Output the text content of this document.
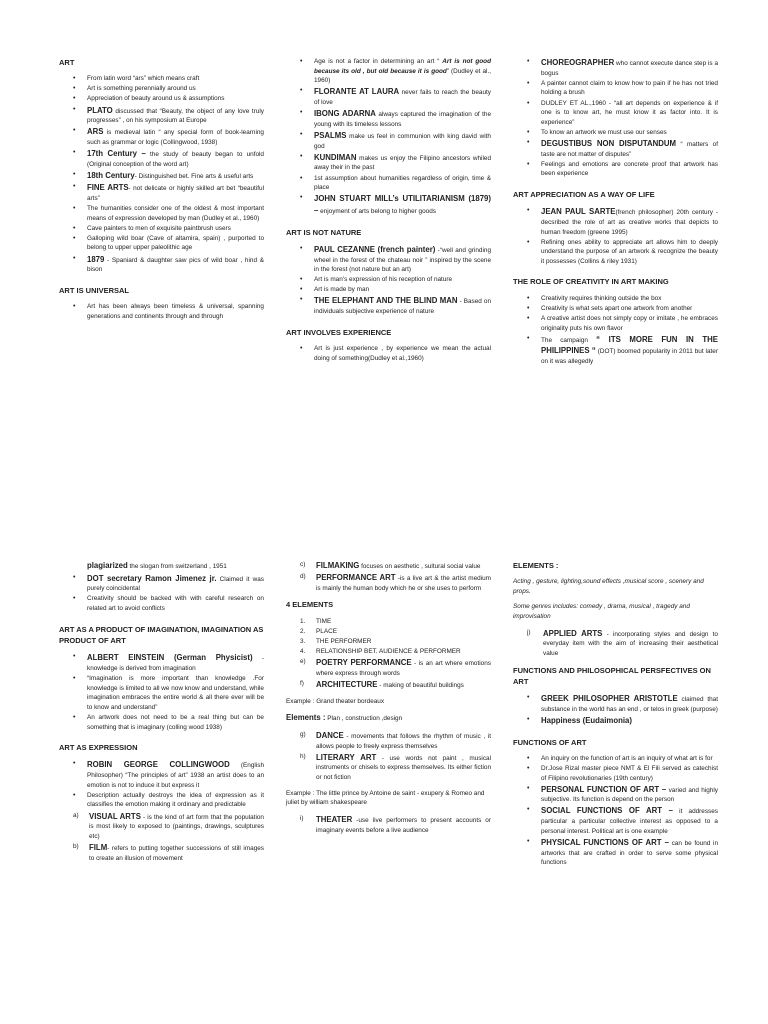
ART
• From latin word “ars” which means craft
• Art is something perennially around us
• Appreciation of beauty around us & assumptions
• PLATO discussed that “Beauty, the object of any love truly progresses” , on his symposium at Europe
• ARS is medieval latin “ any special form of book-learning such as grammar or logic (Collingwood, 1938)
• 17th Century – the study of beauty began to unfold (Original conception of the word art)
• 18th Century- Distinguished bet. Fine arts & useful arts
• FINE ARTS- not delicate or highly skilled art bet “beautiful arts”
• The humanities consider one of the oldest & most important means of expression developed by man (Dudley et al., 1960)
• Cave painters to men of exquisite paintbrush users
• Galloping wild boar (Cave of altamira, spain) , purported to belong to upper upper paleolithic age
• 1879 - Spaniard & daughter saw pics of wild boar , hind & bison
ART IS UNIVERSAL
• Art has been always been timeless & universal, spanning generations and continents through and through
• Age is not a factor in determining an art “ Art is not good because its old , but old because it is good” (Dudley et al., 1960)
• FLORANTE AT LAURA never fails to reach the beauty of love
• IBONG ADARNA always captured the imagination of the young with its timeless lessons
• PSALMS make us feel in communion with king david with god
• KUNDIMAN makes us enjoy the Filipino ancestors whiled away their in the past
• 1st assumption about humanities regardless of origin, time & place
• JOHN STUART MILL’s UTILITARIANISM (1879) – enjoyment of arts belong to higher goods
ART IS NOT NATURE
• PAUL CEZANNE (french painter) -“well and grinding wheel in the forest of the chateau noir ” inspired by the scene in the forest (not nature but an art)
• Art is man’s expression of his reception of nature
• Art is made by man
• THE ELEPHANT AND THE BLIND MAN - Based on individuals subjective experience of nature
ART INVOLVES EXPERIENCE
• Art is just experience , by experience we mean the actual doing of something(Dudley et al.,1960)
• CHOREOGRAPHER who cannot execute dance step is a bogus
• A painter cannot claim to know how to pain if he has not tried holding a brush
• DUDLEY ET AL.,1960 - “all art depends on experience & if one is to know art, he must know it as factor into. It is experience”
• To know an artwork we must use our senses
• DEGUSTIBUS NON DISPUTANDUM “ matters of taste are not matter of disputes”
• Feelings and emotions are concrete proof that artwork has been experience
ART APPRECIATION AS A WAY OF LIFE
• JEAN PAUL SARTE(french philosopher) 20th century -decsribed the role of art as creative works that depicts to human freedom (greene 1995)
• Refining ones ability to appreciate art allows him to deeply understand the purpose of an artwork & recognize the beauty it possesses (Collins & riley 1931)
THE ROLE OF CREATIVITY IN ART MAKING
• Creativity requires thinking outside the box
• Creativity is what sets apart one artwork from another
• A creative artist does not simply copy or imitate , he embraces originality puts his own flavor
• The campaign “ ITS MORE FUN IN THE PHILIPPINES “ (DOT) boomed popularity in 2011 but later on it was allegedly

plagiarized the slogan from switzerland , 1951

• DOT secretary Ramon Jimenez jr. Claimed it was purely coincidental
• Creativity should be backed with with careful research on related art to avoid conflicts
ART AS A PRODUCT OF IMAGINATION, IMAGINATION AS PRODUCT OF ART
• ALBERT EINSTEIN (German Physicist) - knowledge is derived from imagination
• “Imagination is more important than knowledge .For knowledge is limited to all we now know and understand, while imagination embraces the entire world & all there ever will be to know and understand”
• An artwork does not need to be a real thing but can be something that is imaginary (colling wood 1938)
ART AS EXPRESSION
• ROBIN GEORGE COLLINGWOOD (English Philosopher) “The principles of art” 1938 an artist does to an emotion is not to induce it but express it
• Description actually destroys the idea of expression as it classifies the emotion making it ordinary and predictable
a) VISUAL ARTS - is the kind of art form that the population is most likely to exposed to (paintings, drawings, sculptures etc)
b) FILM- refers to putting together successions of still images to create an illusion of movement
c) FILMAKING focuses on aesthetic , sultural social value
d) PERFORMANCE ART -is a live art & the artist medium is mainly the human body which he or she uses to perform
4 ELEMENTS
1. TIME
2. PLACE
3. THE PERFORMER
4. RELATIONSHIP BET. AUDIENCE & PERFORMER
e) POETRY PERFORMANCE - is an art where emotions where express through words
f) ARCHITECTURE - making of beautiful buildings

Example : Grand theater bordeaux

Elements : Plan , construction ,design

g) DANCE - movements that follows the rhythm of music , it allows people to freely express themselves
h) LITERARY ART - use words not paint , musical instruments or chisels to express themselves. Its either fiction or not fiction

Example : The little prince by Antoine de saint - exupery & Romeo and juliet by william shakespeare

i) THEATER -use live performers to present accounts or imaginary events before a live audience
ELEMENTS :

Acting , gesture, lighting,sound effects ,musical score , scenery and props.

Some genres includes: comedy , drama, musical , tragedy and improvisation

j) APPLIED ARTS - incorporating styles and design to everyday item with the aim of increasing their aesthetical value
FUNCTIONS AND PHILOSOPHICAL PERSFECTIVES ON ART
• GREEK PHILOSOPHER ARISTOTLE claimed that substance in the world has an end , or telos in greek (purpose)
• Happiness (Eudaimonia)
FUNCTIONS OF ART
• An inquiry on the function of art is an inquiry of what art is for
• Dr.Jose Rizal master piece NMT & El Fili served as catechist of Filipino revolutionaries (19th century)
• PERSONAL FUNCTION OF ART – varied and highly subjective. Its function is depend on the person
• SOCIAL FUNCTIONS OF ART – it addresses particular a particular collective interest as opposed to a personal interest. Political art is one example
• PHYSICAL FUNCTIONS OF ART – can be found in artworks that are crafted in order to serve some physical functions
